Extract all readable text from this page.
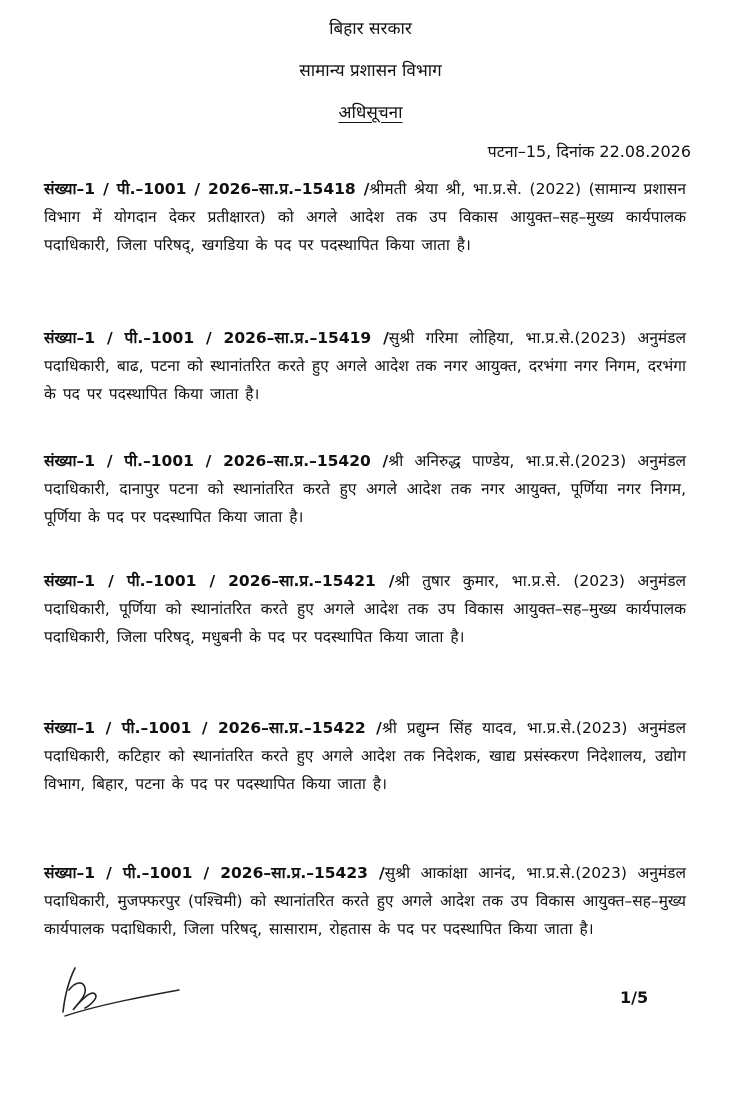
बिहार सरकार
सामान्य प्रशासन विभाग
अधिसूचना
पटना–15, दिनांक 22.08.2026
संख्या–1 / पी.–1001 / 2026–सा.प्र.–15418 /श्रीमती श्रेया श्री, भा.प्र.से. (2022) (सामान्य प्रशासन विभाग में योगदान देकर प्रतीक्षारत) को अगले आदेश तक उप विकास आयुक्त–सह–मुख्य कार्यपालक पदाधिकारी, जिला परिषद्, खगडिया के पद पर पदस्थापित किया जाता है।
संख्या–1 / पी.–1001 / 2026–सा.प्र.–15419 /सुश्री गरिमा लोहिया, भा.प्र.से.(2023) अनुमंडल पदाधिकारी, बाढ, पटना को स्थानांतरित करते हुए अगले आदेश तक नगर आयुक्त, दरभंगा नगर निगम, दरभंगा के पद पर पदस्थापित किया जाता है।
संख्या–1 / पी.–1001 / 2026–सा.प्र.–15420 /श्री अनिरुद्ध पाण्डेय, भा.प्र.से.(2023) अनुमंडल पदाधिकारी, दानापुर पटना को स्थानांतरित करते हुए अगले आदेश तक नगर आयुक्त, पूर्णिया नगर निगम, पूर्णिया के पद पर पदस्थापित किया जाता है।
संख्या–1 / पी.–1001 / 2026–सा.प्र.–15421 /श्री तुषार कुमार, भा.प्र.से. (2023) अनुमंडल पदाधिकारी, पूर्णिया को स्थानांतरित करते हुए अगले आदेश तक उप विकास आयुक्त–सह–मुख्य कार्यपालक पदाधिकारी, जिला परिषद्, मधुबनी के पद पर पदस्थापित किया जाता है।
संख्या–1 / पी.–1001 / 2026–सा.प्र.–15422 /श्री प्रद्युम्न सिंह यादव, भा.प्र.से.(2023) अनुमंडल पदाधिकारी, कटिहार को स्थानांतरित करते हुए अगले आदेश तक निदेशक, खाद्य प्रसंस्करण निदेशालय, उद्योग विभाग, बिहार, पटना के पद पर पदस्थापित किया जाता है।
संख्या–1 / पी.–1001 / 2026–सा.प्र.–15423 /सुश्री आकांक्षा आनंद, भा.प्र.से.(2023) अनुमंडल पदाधिकारी, मुजफ्फरपुर (पश्चिमी) को स्थानांतरित करते हुए अगले आदेश तक उप विकास आयुक्त–सह–मुख्य कार्यपालक पदाधिकारी, जिला परिषद्, सासाराम, रोहतास के पद पर पदस्थापित किया जाता है।
1/5
